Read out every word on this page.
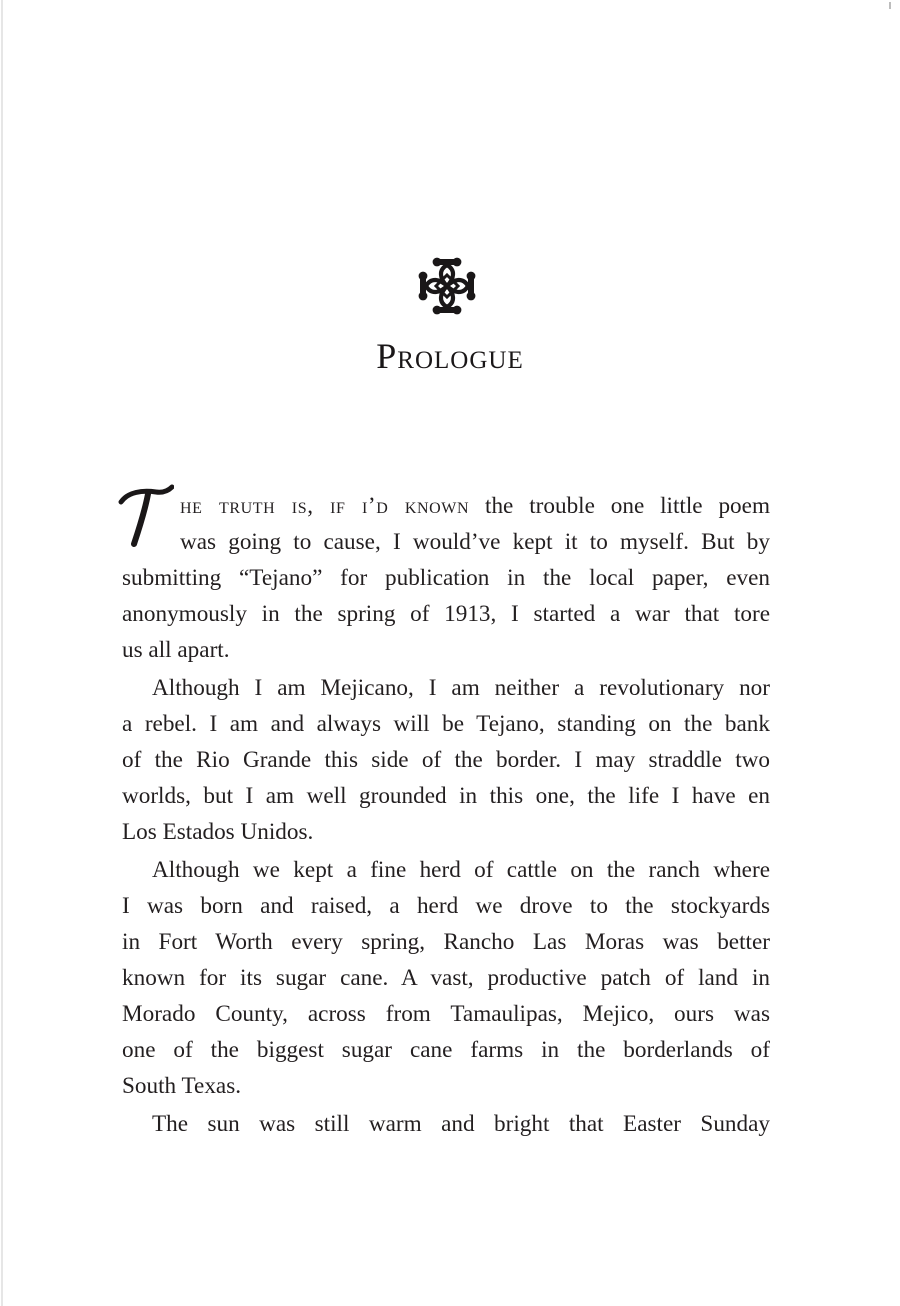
Prologue
T
he truth is, if i’d known the trouble one little poem
was going to cause, I would’ve kept it to myself. But by
submitting “Tejano” for publication in the local paper, even
anonymously in the spring of 1913, I started a war that tore
us all apart.
Although I am Mejicano, I am neither a revolutionary nor
a rebel. I am and always will be Tejano, standing on the bank
of the Rio Grande this side of the border. I may straddle two
worlds, but I am well grounded in this one, the life I have en
Los Estados Unidos.
Although we kept a fine herd of cattle on the ranch where
I was born and raised, a herd we drove to the stockyards
in Fort Worth every spring, Rancho Las Moras was better
known for its sugar cane. A vast, productive patch of land in
Morado County, across from Tamaulipas, Mejico, ours was
one of the biggest sugar cane farms in the borderlands of
South Texas.
The sun was still warm and bright that Easter Sunday
